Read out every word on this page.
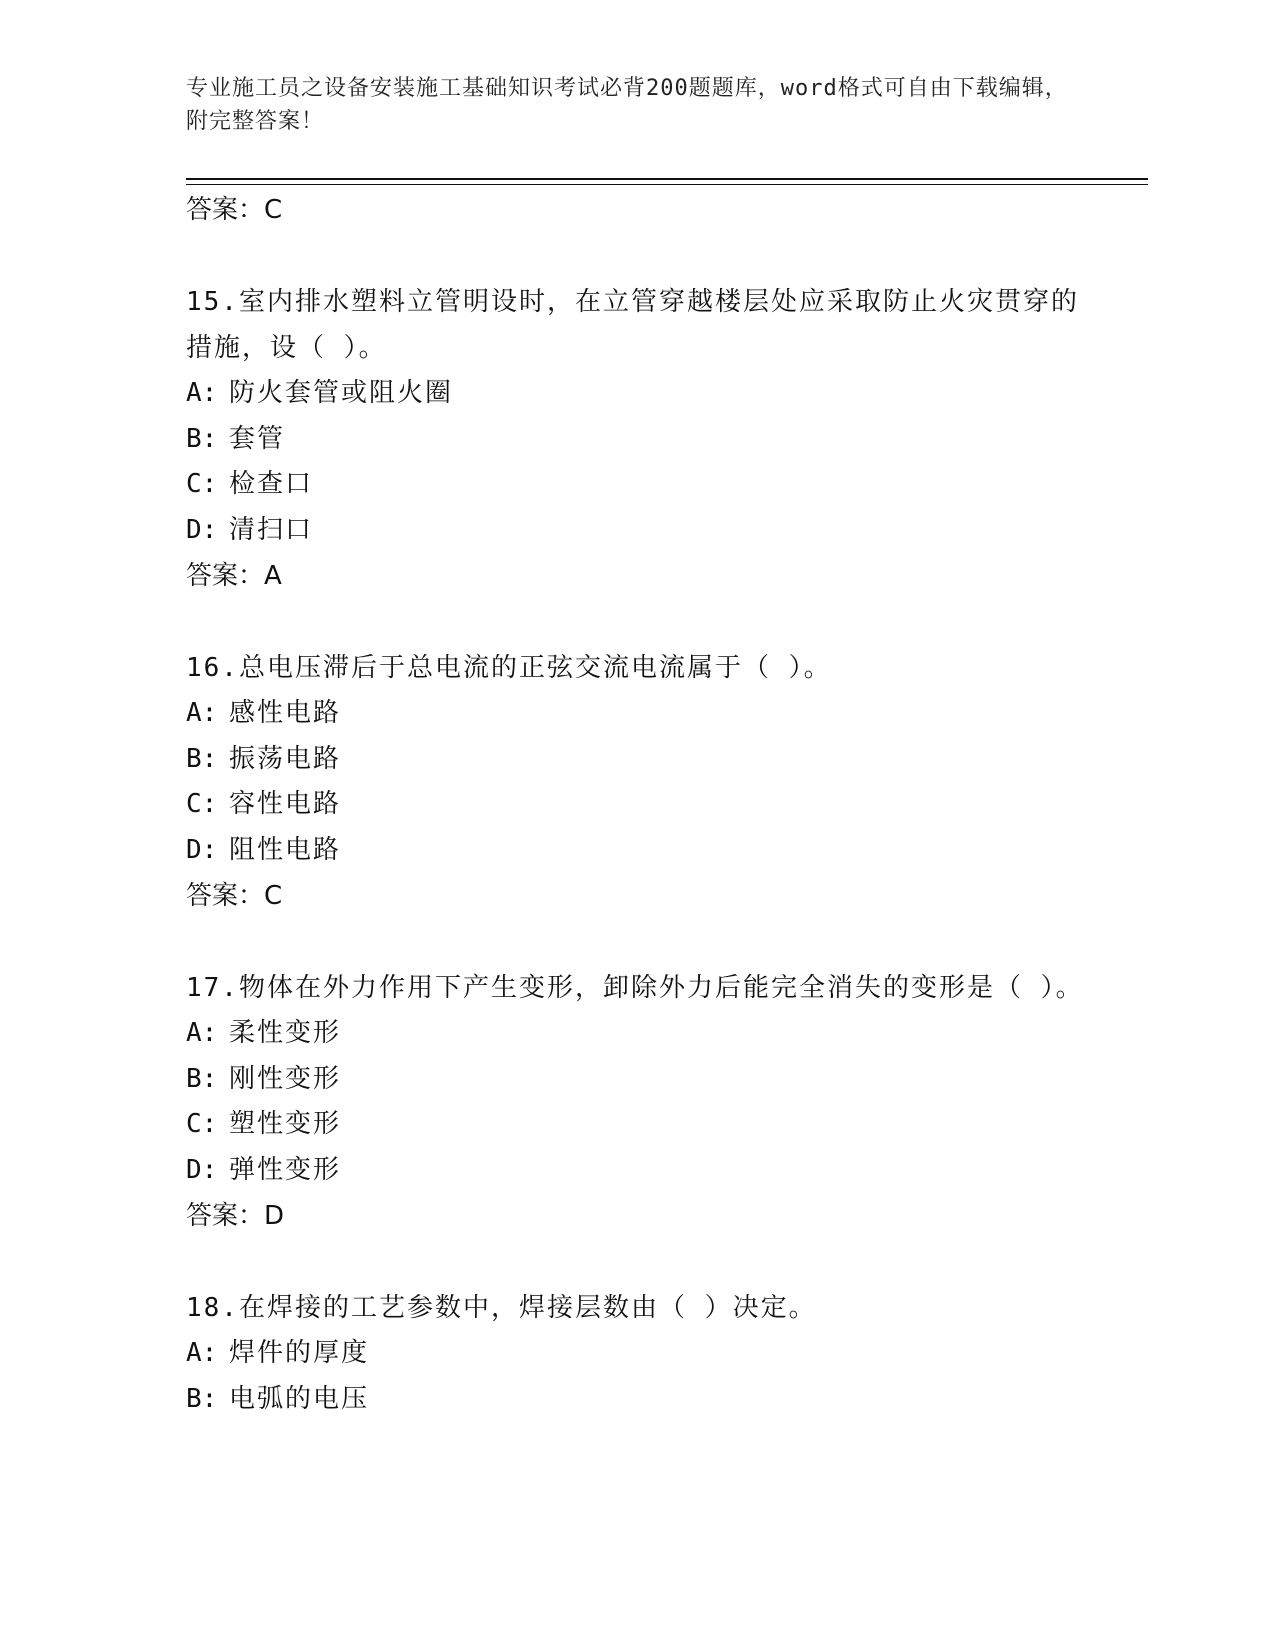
专业施工员之设备安装施工基础知识考试必背200题题库，word格式可自由下载编辑，附完整答案！
答案：C
15.室内排水塑料立管明设时，在立管穿越楼层处应采取防止火灾贯穿的措施，设（ ）。
A: 防火套管或阻火圈
B: 套管
C: 检查口
D: 清扫口
答案：A
16.总电压滞后于总电流的正弦交流电流属于（ ）。
A: 感性电路
B: 振荡电路
C: 容性电路
D: 阻性电路
答案：C
17.物体在外力作用下产生变形，卸除外力后能完全消失的变形是（ ）。
A: 柔性变形
B: 刚性变形
C: 塑性变形
D: 弹性变形
答案：D
18.在焊接的工艺参数中，焊接层数由（ ）决定。
A: 焊件的厚度
B: 电弧的电压
